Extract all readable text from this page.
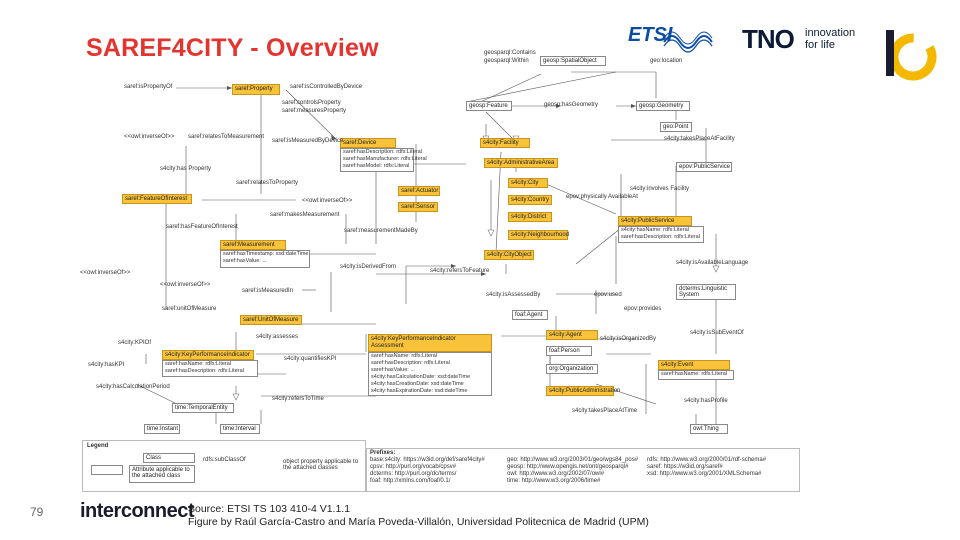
SAREF4CITY - Overview	ETSI	TNO innovation
for life
saref:Property
saref:Device
saref:hasDescription: rdfs:Literal
saref:hasManufacturer: rdfs:Literal
saref:hasModel: rdfs:Literal
saref:Actuator
saref:Sensor
saref:FeatureOfInterest
saref:Measurement
saref:hasTimestamp: xsd:dateTime
saref:hasValue: ...
saref:UnitOfMeasure
geosp:SpatialObject
geosp:Feature	geosp:Geometry
geo:Point
s4city:Facility
s4city:AdministrativeArea
s4city:City
s4city:Country
s4city:District
s4city:Neighbourhood
s4city:CityObject
s4city:PublicService
s4city:hasName: rdfs:Literal
saref:hasDescription: rdfs:Literal
epov:PublicService
dcterms:Linguistic System
foaf:Agent
s4city:Agent
foaf:Person
org:Organization
s4city:PublicAdministration
s4city:Event
saref:hasName: rdfs:Literal
owl:Thing
s4city:KeyPerformanceIndicator
saref:hasName: rdfs:Literal
saref:hasDescription: rdfs:Literal
s4city:KeyPerformanceIndicator Assessment
saref:hasName: rdfs:Literal
saref:hasDescription: rdfs:Literal
saref:hasValue: ...
s4city:hasCalculationDate: xsd:dateTime
s4city:hasCreationDate: xsd:dateTime
s4city:hasExpirationDate: xsd:dateTime
time:TemporalEntity
time:Instant	time:Interval
saref:isPropertyOf	saref:isControlledByDevice
saref:controlsProperty
saref:measuresProperty
<<owl:inverseOf>> saref:relatesToMeasurement
saref:isMeasuredByDevice
s4city:has Property
saref:relatesToProperty
<<owl:inverseOf>>
saref:makesMeasurement
saref:measurementMadeBy
saref:hasFeatureOfInterest
<<owl:inverseOf>>
<<owl:inverseOf>>
saref:isMeasuredIn
saref:unitOfMeasure
s4city:isDerivedFrom
s4city:refersToFeature
geosparql:Contains
geosparql:Within
geosp:hasGeometry
geo:location
s4city:takesPlaceAtFacility
s4city:involves Facility
epov:physically AvailableAt
s4city:isAvailableLanguage
s4city:isAssessedBy	epov:used
epov:provides
s4city:isOrganizedBy
s4city:isSubEventOf
s4city:takesPlaceAtTime
s4city:hasProfile
s4city:assesses
s4city:KPIOf
s4city:hasKPI
s4city:quantifiesKPI
s4city:hasCalculationPeriod
s4city:refersToTime
Legend
Class
Attribute applicable to the attached class
rdfs:subClassOf	object property applicable to the attached classes
Prefixes:
base:s4city: https://w3id.org/def/saref4city#
cpsv: http://purl.org/vocab/cpsv#
dcterms: http://purl.org/dc/terms/
foaf: http://xmlns.com/foaf/0.1/
geo: http://www.w3.org/2003/01/geo/wgs84_pos#
geosp: http://www.opengis.net/ont/geosparql#
owl: http://www.w3.org/2002/07/owl#
time: http://www.w3.org/2006/time#
rdfs: http://www.w3.org/2000/01/rdf-schema#
saref: https://w3id.org/saref#
xsd: http://www.w3.org/2001/XMLSchema#
79 interconnect
Source: ETSI TS 103 410-4 V1.1.1
Figure by Raúl García-Castro and María Poveda-Villalón, Universidad Politecnica de Madrid (UPM)
